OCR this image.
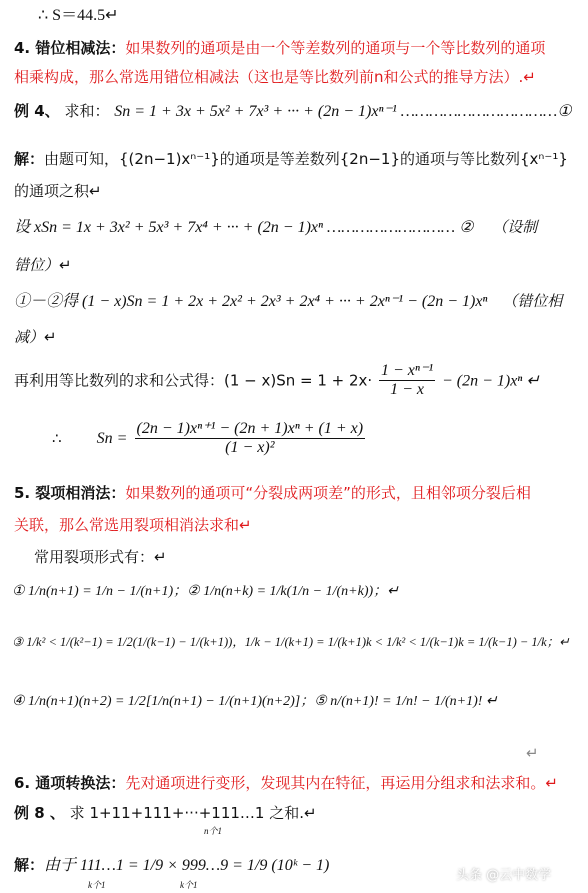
∴ S＝44.5↵
4. 错位相减法：如果数列的通项是由一个等差数列的通项与一个等比数列的通项
相乘构成，那么常选用错位相减法（这也是等比数列前n和公式的推导方法）.↵
例 4、 求和： Sn = 1 + 3x + 5x² + 7x³ + ··· + (2n − 1)xⁿ⁻¹ ……………………………①
解：由题可知，{(2n−1)xⁿ⁻¹}的通项是等差数列{2n−1}的通项与等比数列{xⁿ⁻¹}
的通项之积↵
设 xSn = 1x + 3x² + 5x³ + 7x⁴ + ··· + (2n − 1)xⁿ ……………………… ② （设制
错位）↵
①－②得 (1 − x)Sn = 1 + 2x + 2x² + 2x³ + 2x⁴ + ··· + 2xⁿ⁻¹ − (2n − 1)xⁿ （错位相
减）↵
再利用等比数列的求和公式得：$(1 - x)Sn = 1 + 2x\cdot \frac{\text{1 − xⁿ⁻¹}}{1 - x} - (2n - 1)x^n$ ↵
∴ $Sn = \frac{\text{(2n − 1)xⁿ⁺¹ − (2n + 1)xⁿ + (1 + x)}}{\text{(1 − x)²}}$
5. 裂项相消法：如果数列的通项可“分裂成两项差”的形式，且相邻项分裂后相
关联，那么常选用裂项相消法求和↵
常用裂项形式有：↵
① 1/n(n+1) = 1/n − 1/(n+1)；② 1/n(n+k) = 1/k(1/n − 1/(n+k))；↵
③ 1/k² < 1/(k²−1) = 1/2(1/(k−1) − 1/(k+1))，1/k − 1/(k+1) = 1/(k+1)k < 1/k² < 1/(k−1)k = 1/(k−1) − 1/k；↵
④ 1/n(n+1)(n+2) = 1/2[1/n(n+1) − 1/(n+1)(n+2)]；⑤ n/(n+1)! = 1/n! − 1/(n+1)! ↵
↵
6. 通项转换法：先对通项进行变形，发现其内在特征，再运用分组求和法求和。↵
例 8 、 求 1+11+111+···+111…1 之和.↵
n个1
解：由于 111…1 = 1/9 × 999…9 = 1/9 (10ᵏ − 1)
k个1	k个1
头条 @云中数学
